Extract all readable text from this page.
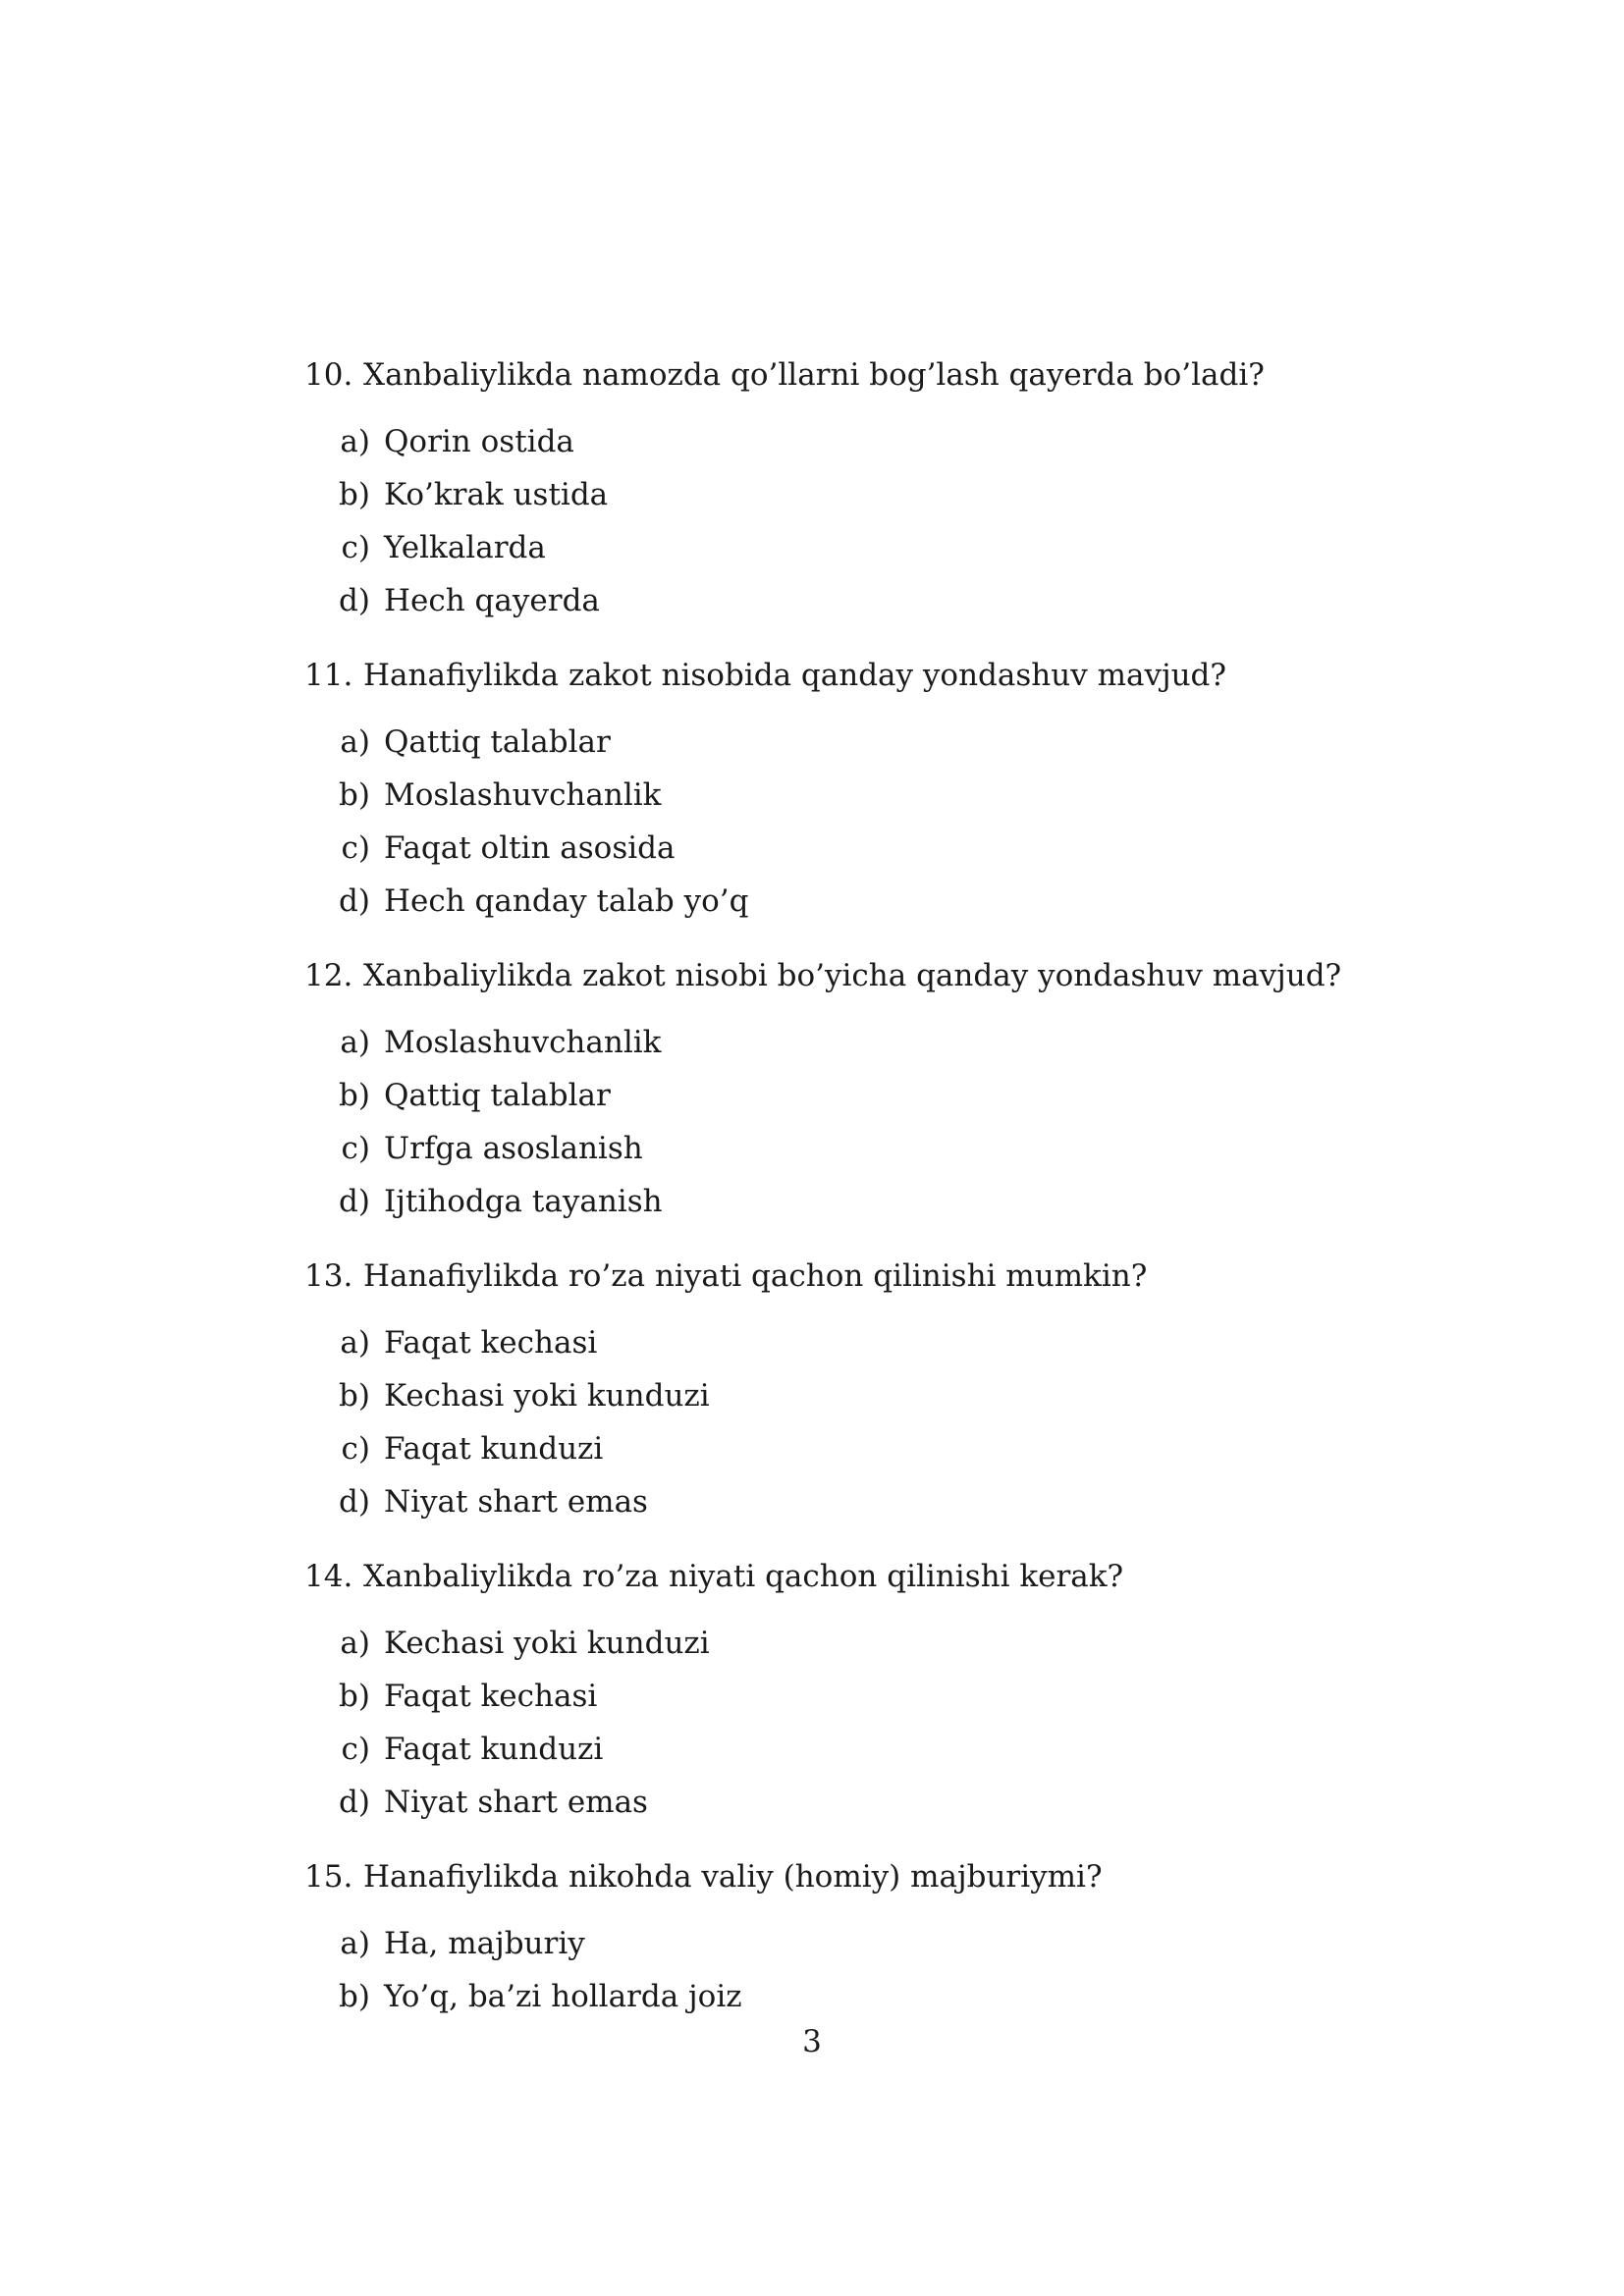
10. Xanbaliylikda namozda qo’llarni bog’lash qayerda bo’ladi?
a) Qorin ostida
b) Ko’krak ustida
c) Yelkalarda
d) Hech qayerda
11. Hanafiylikda zakot nisobida qanday yondashuv mavjud?
a) Qattiq talablar
b) Moslashuvchanlik
c) Faqat oltin asosida
d) Hech qanday talab yo’q
12. Xanbaliylikda zakot nisobi bo’yicha qanday yondashuv mavjud?
a) Moslashuvchanlik
b) Qattiq talablar
c) Urfga asoslanish
d) Ijtihodga tayanish
13. Hanafiylikda ro’za niyati qachon qilinishi mumkin?
a) Faqat kechasi
b) Kechasi yoki kunduzi
c) Faqat kunduzi
d) Niyat shart emas
14. Xanbaliylikda ro’za niyati qachon qilinishi kerak?
a) Kechasi yoki kunduzi
b) Faqat kechasi
c) Faqat kunduzi
d) Niyat shart emas
15. Hanafiylikda nikohda valiy (homiy) majburiymi?
a) Ha, majburiy
b) Yo’q, ba’zi hollarda joiz
3
